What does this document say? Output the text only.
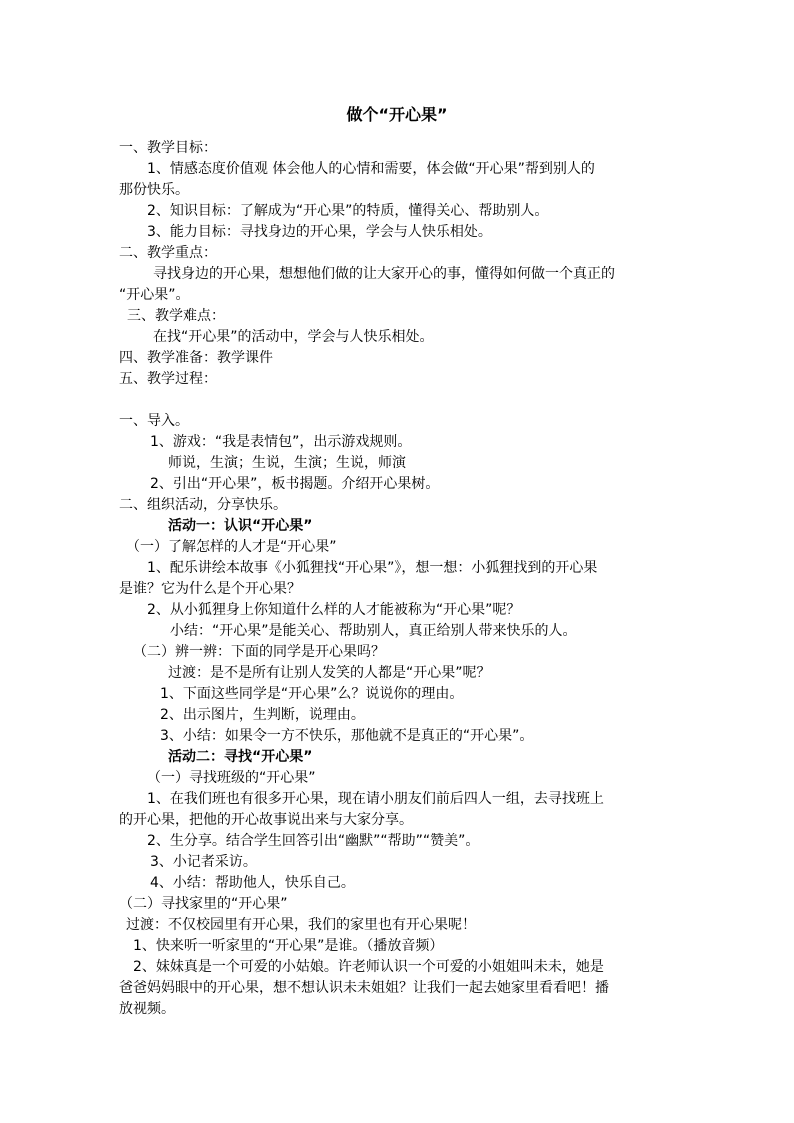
做个“开心果”
一、教学目标：
1、情感态度价值观 体会他人的心情和需要，体会做“开心果”帮到别人的
那份快乐。
2、知识目标：了解成为“开心果”的特质，懂得关心、帮助别人。
3、能力目标：寻找身边的开心果，学会与人快乐相处。
二、教学重点：
寻找身边的开心果，想想他们做的让大家开心的事，懂得如何做一个真正的
“开心果”。
三、教学难点：
在找“开心果”的活动中，学会与人快乐相处。
四、教学准备：教学课件
五、教学过程：
一、导入。
1、游戏：“我是表情包”，出示游戏规则。
师说，生演；生说，生演；生说，师演
2、引出“开心果”，板书揭题。介绍开心果树。
二、组织活动，分享快乐。
活动一：认识“开心果”
（一）了解怎样的人才是“开心果”
1、配乐讲绘本故事《小狐狸找“开心果”》，想一想：小狐狸找到的开心果
是谁？它为什么是个开心果？
2、从小狐狸身上你知道什么样的人才能被称为“开心果”呢？
小结：“开心果”是能关心、帮助别人，真正给别人带来快乐的人。
（二）辨一辨：下面的同学是开心果吗？
过渡：是不是所有让别人发笑的人都是“开心果”呢？
1、下面这些同学是“开心果”么？说说你的理由。
2、出示图片，生判断，说理由。
3、小结：如果令一方不快乐，那他就不是真正的“开心果”。
活动二：寻找“开心果”
（一）寻找班级的“开心果”
1、在我们班也有很多开心果，现在请小朋友们前后四人一组，去寻找班上
的开心果，把他的开心故事说出来与大家分享。
2、生分享。结合学生回答引出“幽默”“帮助”“赞美”。
3、小记者采访。
4、小结：帮助他人，快乐自己。
（二）寻找家里的“开心果”
过渡：不仅校园里有开心果，我们的家里也有开心果呢！
1、快来听一听家里的“开心果”是谁。（播放音频）
2、妹妹真是一个可爱的小姑娘。许老师认识一个可爱的小姐姐叫未未，她是
爸爸妈妈眼中的开心果，想不想认识未未姐姐？让我们一起去她家里看看吧！播
放视频。
